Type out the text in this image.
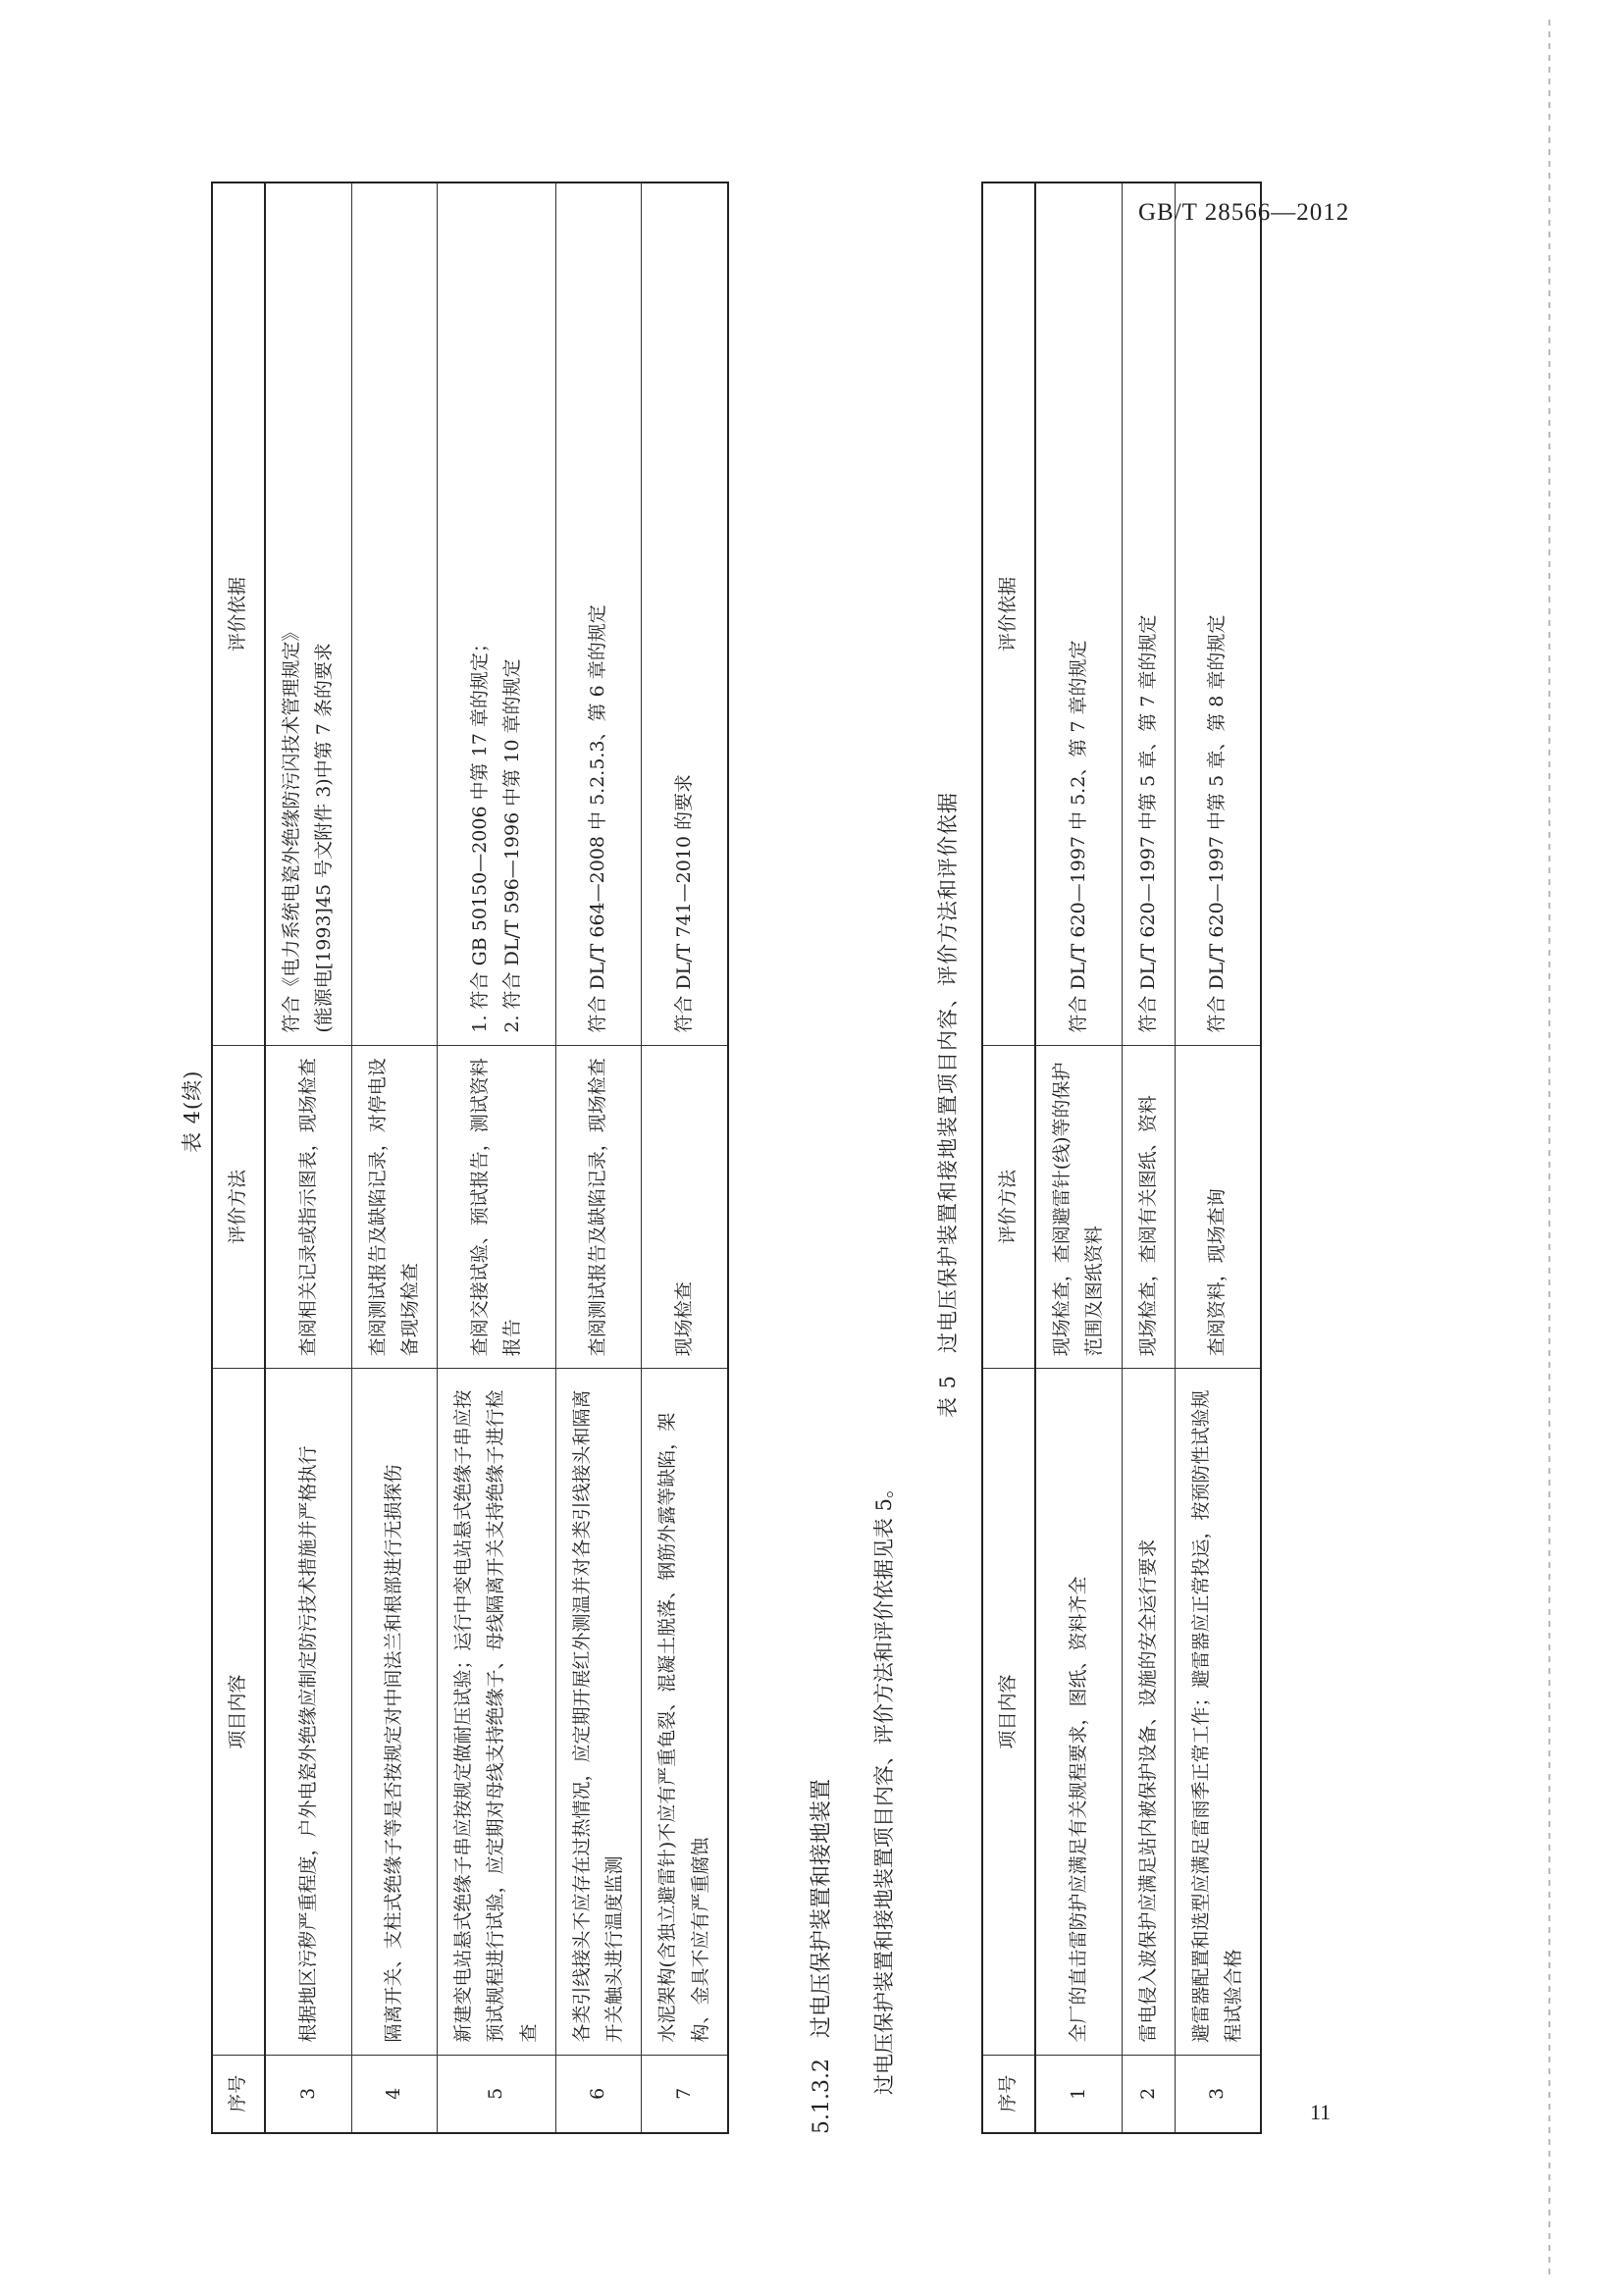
GB/T 28566—2012
表 4(续)
序号	项目内容	评价方法	评价依据
3	根据地区污秽严重程度，户外电瓷外绝缘应制定防污技术措施并严格执行	查阅相关记录或指示图表，现场检查	符合《电力系统电瓷外绝缘防污闪技术管理规定》 (能源电[1993]45 号文附件 3)中第 7 条的要求

4	隔离开关、支柱式绝缘子等是否按规定对中间法兰和根部进行无损探伤	查阅测试报告及缺陷记录，对停电设备现场检查	

5	新建变电站悬式绝缘子串应按规定做耐压试验；运行中变电站悬式绝缘子串应按预试规程进行试验，应定期对母线支持绝缘子、母线隔离开关支持绝缘子进行检查	查阅交接试验、预试报告，测试资料报告	1. 符合 GB 50150—2006 中第 17 章的规定； 2. 符合 DL/T 596—1996 中第 10 章的规定

6	各类引线接头不应存在过热情况，应定期开展红外测温并对各类引线接头和隔离开关触头进行温度监测	查阅测试报告及缺陷记录，现场检查	符合 DL/T 664—2008 中 5.2.5.3、第 6 章的规定

7	水泥架构(含独立避雷针)不应有严重龟裂、混凝土脱落、钢筋外露等缺陷，架构、金具不应有严重腐蚀	现场检查	符合 DL/T 741—2010 的要求
5.1.3.2 过电压保护装置和接地装置 过电压保护装置和接地装置项目内容、评价方法和评价依据见表 5。
表 5　过电压保护装置和接地装置项目内容、评价方法和评价依据
序号	项目内容	评价方法	评价依据
1	全厂的直击雷防护应满足有关规程要求，图纸、资料齐全	现场检查，查阅避雷针(线)等的保护范围及图纸资料	符合 DL/T 620—1997 中 5.2、第 7 章的规定
2	雷电侵入波保护应满足站内被保护设备、设施的安全运行要求	现场检查，查阅有关图纸、资料	符合 DL/T 620—1997 中第 5 章、第 7 章的规定
3	避雷器配置和选型应满足雷雨季正常工作；避雷器应正常投运，按预防性试验规程试验合格	查阅资料，现场查询	符合 DL/T 620—1997 中第 5 章、第 8 章的规定
11
